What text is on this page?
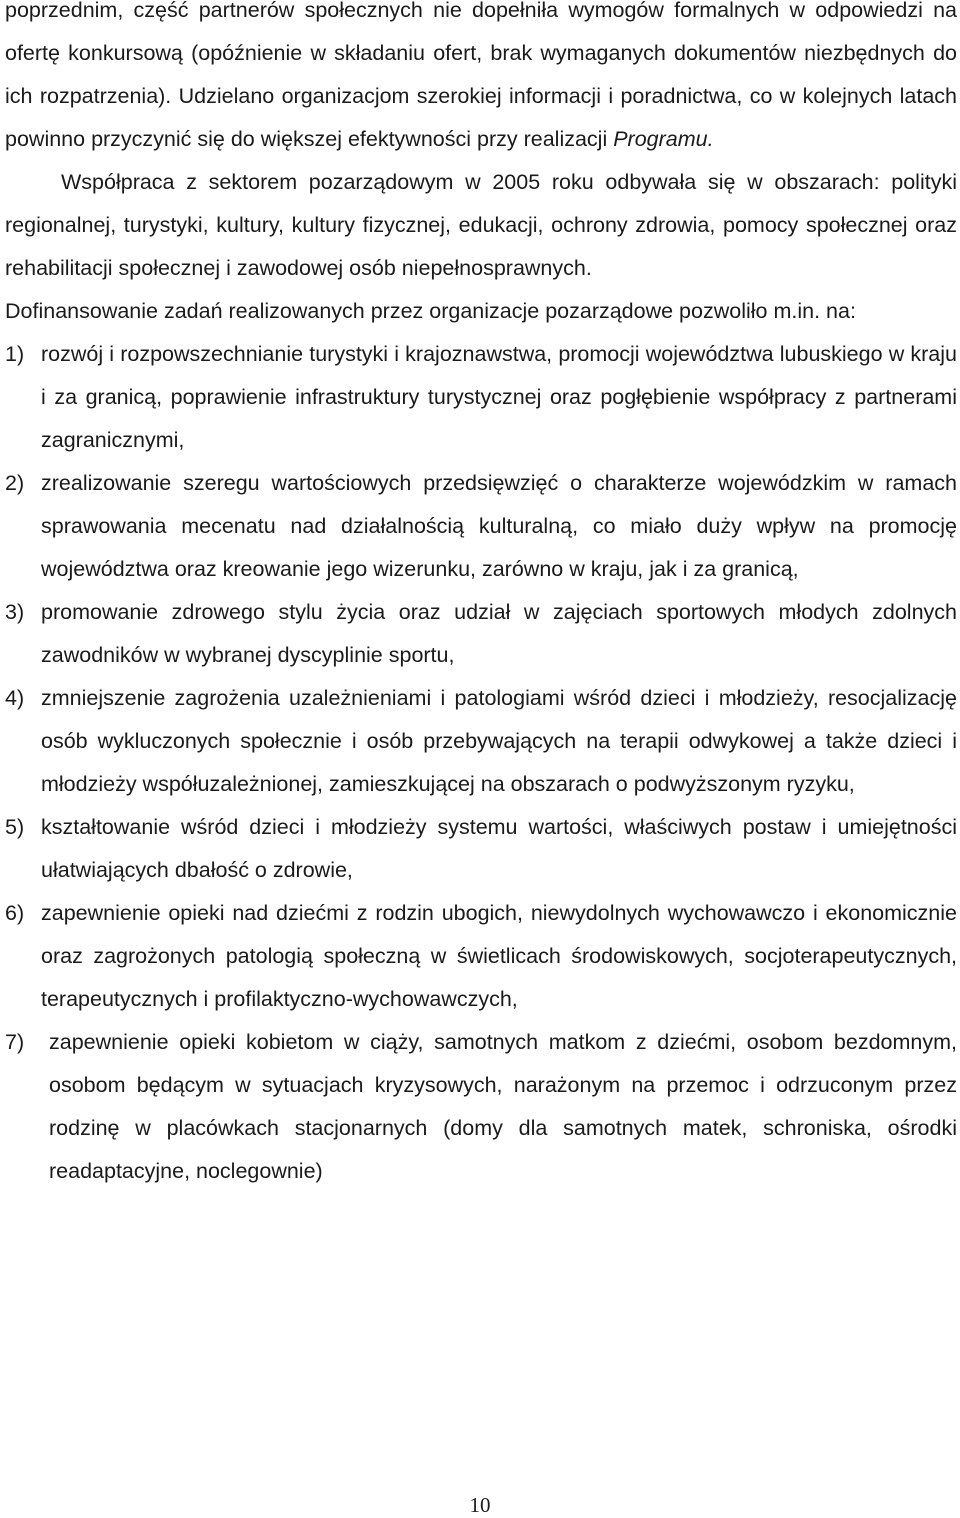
poprzednim, część partnerów społecznych nie dopełniła wymogów formalnych w odpowiedzi na ofertę konkursową (opóźnienie w składaniu ofert, brak wymaganych dokumentów niezbędnych do ich rozpatrzenia). Udzielano organizacjom szerokiej informacji i poradnictwa, co w kolejnych latach powinno przyczynić się do większej efektywności przy realizacji Programu.

Współpraca z sektorem pozarządowym w 2005 roku odbywała się w obszarach: polityki regionalnej, turystyki, kultury, kultury fizycznej, edukacji, ochrony zdrowia, pomocy społecznej oraz rehabilitacji społecznej i zawodowej osób niepełnosprawnych.

Dofinansowanie zadań realizowanych przez organizacje pozarządowe pozwoliło m.in. na:

1) rozwój i rozpowszechnianie turystyki i krajoznawstwa, promocji województwa lubuskiego w kraju i za granicą, poprawienie infrastruktury turystycznej oraz pogłębienie współpracy z partnerami zagranicznymi,
2) zrealizowanie szeregu wartościowych przedsięwzięć o charakterze wojewódzkim w ramach sprawowania mecenatu nad działalnością kulturalną, co miało duży wpływ na promocję województwa oraz kreowanie jego wizerunku, zarówno w kraju, jak i za granicą,
3) promowanie zdrowego stylu życia oraz udział w zajęciach sportowych młodych zdolnych zawodników w wybranej dyscyplinie sportu,
4) zmniejszenie zagrożenia uzależnieniami i patologiami wśród dzieci i młodzieży, resocjalizację osób wykluczonych społecznie i osób przebywających na terapii odwykowej a także dzieci i młodzieży współuzależnionej, zamieszkującej na obszarach o podwyższonym ryzyku,
5) kształtowanie wśród dzieci i młodzieży systemu wartości, właściwych postaw i umiejętności ułatwiających dbałość o zdrowie,
6) zapewnienie opieki nad dziećmi z rodzin ubogich, niewydolnych wychowawczo i ekonomicznie oraz zagrożonych patologią społeczną w świetlicach środowiskowych, socjoterapeutycznych, terapeutycznych i profilaktyczno-wychowawczych,
7) zapewnienie opieki kobietom w ciąży, samotnych matkom z dziećmi, osobom bezdomnym, osobom będącym w sytuacjach kryzysowych, narażonym na przemoc i odrzuconym przez rodzinę w placówkach stacjonarnych (domy dla samotnych matek, schroniska, ośrodki readaptacyjne, noclegownie)
10
